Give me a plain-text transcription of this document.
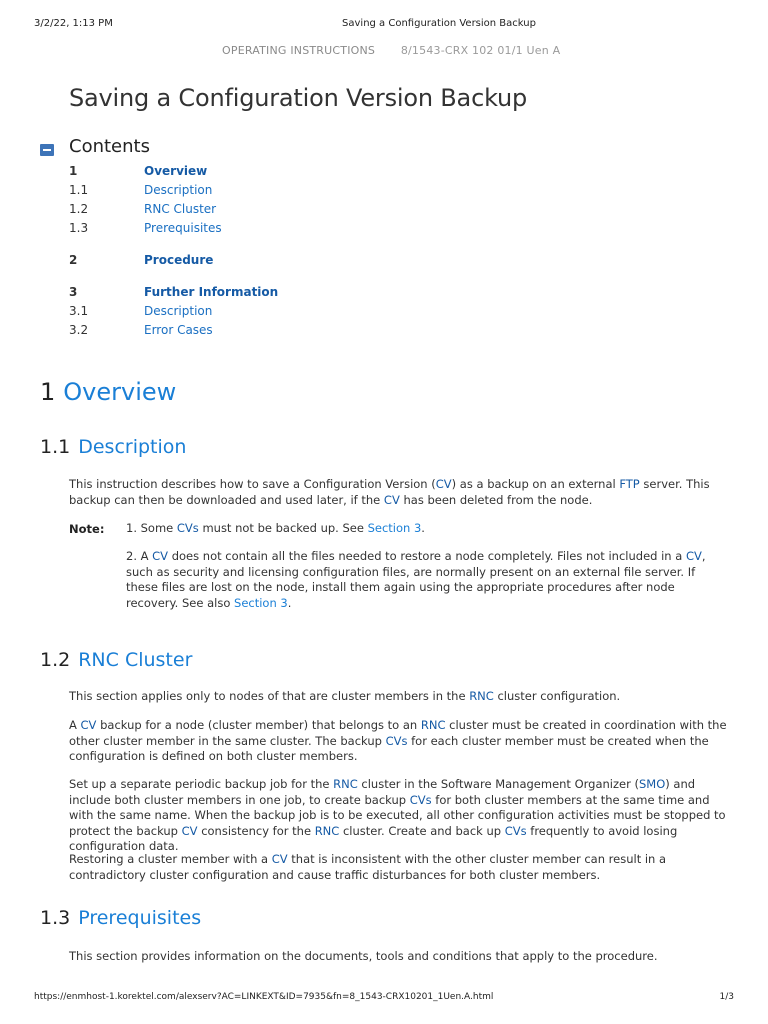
3/2/22, 1:13 PM	Saving a Configuration Version Backup
OPERATING INSTRUCTIONS 8/1543-CRX 102 01/1 Uen A
Saving a Configuration Version Backup
Contents
1	Overview
1.1	Description
1.2	RNC Cluster
1.3	Prerequisites
2	Procedure
3	Further Information
3.1	Description
3.2	Error Cases
1 Overview
1.1 Description

This instruction describes how to save a Configuration Version (CV) as a backup on an external FTP server. This backup can then be downloaded and used later, if the CV has been deleted from the node.

Note: 1. Some CVs must not be backed up. See Section 3.

2. A CV does not contain all the files needed to restore a node completely. Files not included in a CV, such as security and licensing configuration files, are normally present on an external file server. If these files are lost on the node, install them again using the appropriate procedures after node recovery. See also Section 3.

1.2 RNC Cluster

This section applies only to nodes of that are cluster members in the RNC cluster configuration.

A CV backup for a node (cluster member) that belongs to an RNC cluster must be created in coordination with the other cluster member in the same cluster. The backup CVs for each cluster member must be created when the configuration is defined on both cluster members.

Set up a separate periodic backup job for the RNC cluster in the Software Management Organizer (SMO) and include both cluster members in one job, to create backup CVs for both cluster members at the same time and with the same name. When the backup job is to be executed, all other configuration activities must be stopped to protect the backup CV consistency for the RNC cluster. Create and back up CVs frequently to avoid losing configuration data.

Restoring a cluster member with a CV that is inconsistent with the other cluster member can result in a contradictory cluster configuration and cause traffic disturbances for both cluster members.

1.3 Prerequisites

This section provides information on the documents, tools and conditions that apply to the procedure.

https://enmhost-1.korektel.com/alexserv?AC=LINKEXT&ID=7935&fn=8_1543-CRX10201_1Uen.A.html	1/3
